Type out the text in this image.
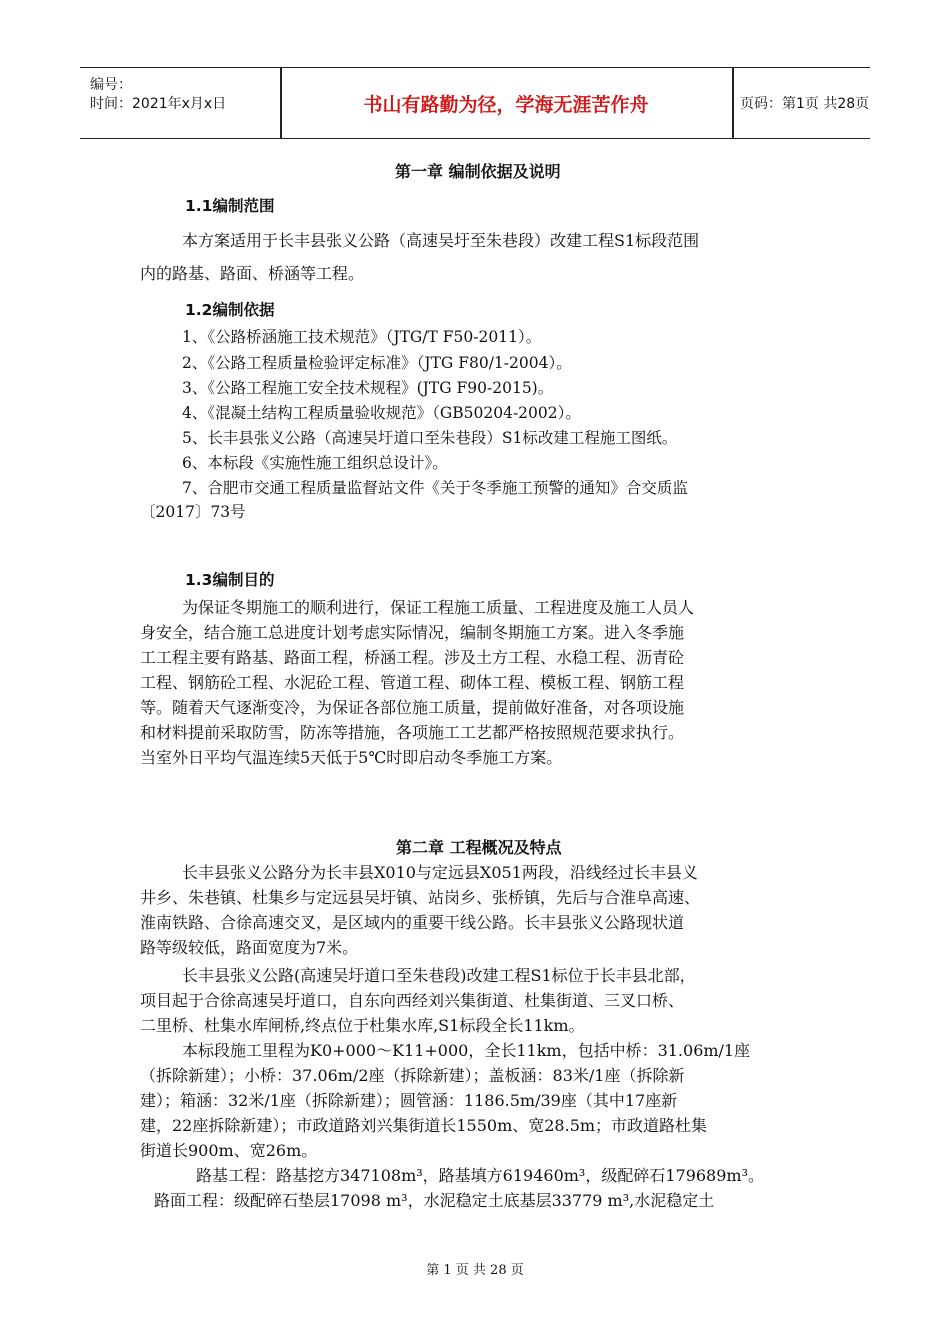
编号：
时间：2021年x月x日	书山有路勤为径，学海无涯苦作舟	页码：第1页 共28页
第一章 编制依据及说明
1.1编制范围
本方案适用于长丰县张义公路（高速吴圩至朱巷段）改建工程S1标段范围
内的路基、路面、桥涵等工程。
1.2编制依据
1、《公路桥涵施工技术规范》（JTG/T F50-2011）。
2、《公路工程质量检验评定标准》（JTG F80/1-2004）。
3、《公路工程施工安全技术规程》(JTG F90-2015)。
4、《混凝土结构工程质量验收规范》（GB50204-2002）。
5、长丰县张义公路（高速吴圩道口至朱巷段）S1标改建工程施工图纸。
6、本标段《实施性施工组织总设计》。
7、合肥市交通工程质量监督站文件《关于冬季施工预警的通知》合交质监
〔2017〕73号
1.3编制目的
为保证冬期施工的顺利进行，保证工程施工质量、工程进度及施工人员人
身安全，结合施工总进度计划考虑实际情况，编制冬期施工方案。进入冬季施
工工程主要有路基、路面工程，桥涵工程。涉及土方工程、水稳工程、沥青砼
工程、钢筋砼工程、水泥砼工程、管道工程、砌体工程、模板工程、钢筋工程
等。随着天气逐渐变冷，为保证各部位施工质量，提前做好准备，对各项设施
和材料提前采取防雪，防冻等措施，各项施工工艺都严格按照规范要求执行。
当室外日平均气温连续5天低于5℃时即启动冬季施工方案。
第二章 工程概况及特点
长丰县张义公路分为长丰县X010与定远县X051两段，沿线经过长丰县义
井乡、朱巷镇、杜集乡与定远县吴圩镇、站岗乡、张桥镇，先后与合淮阜高速、
淮南铁路、合徐高速交叉，是区域内的重要干线公路。长丰县张义公路现状道
路等级较低，路面宽度为7米。
长丰县张义公路(高速吴圩道口至朱巷段)改建工程S1标位于长丰县北部，
项目起于合徐高速吴圩道口，自东向西经刘兴集街道、杜集街道、三叉口桥、
二里桥、杜集水库闸桥,终点位于杜集水库,S1标段全长11km。
本标段施工里程为K0+000～K11+000，全长11km，包括中桥：31.06m/1座
（拆除新建）；小桥：37.06m/2座（拆除新建）；盖板涵：83米/1座（拆除新
建）；箱涵：32米/1座（拆除新建）；圆管涵：1186.5m/39座（其中17座新
建，22座拆除新建）；市政道路刘兴集街道长1550m、宽28.5m；市政道路杜集
街道长900m、宽26m。
路基工程：路基挖方347108m³，路基填方619460m³，级配碎石179689m³。
路面工程：级配碎石垫层17098 m³，水泥稳定土底基层33779 m³,水泥稳定土
第 1 页 共 28 页
